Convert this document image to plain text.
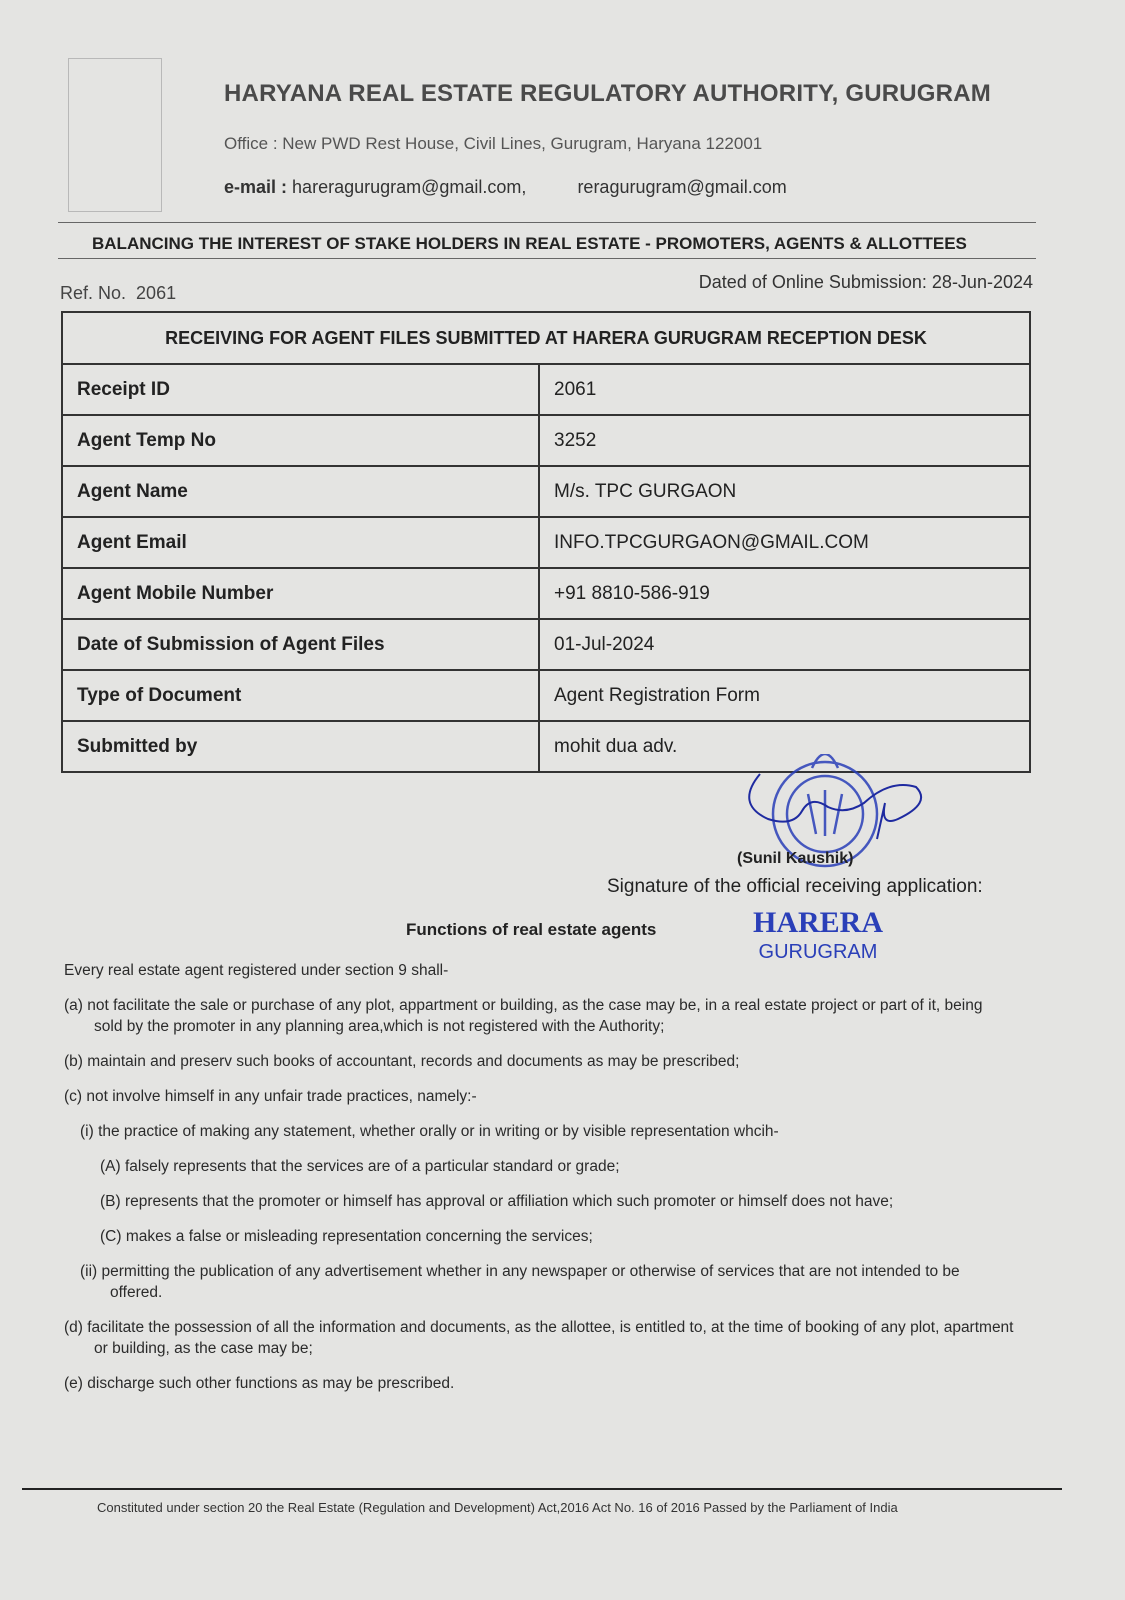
HARYANA REAL ESTATE REGULATORY AUTHORITY, GURUGRAM
Office : New PWD Rest House, Civil Lines, Gurugram, Haryana 122001
e-mail : hareragurugram@gmail.com,	reragurugram@gmail.com
BALANCING THE INTEREST OF STAKE HOLDERS IN REAL ESTATE - PROMOTERS, AGENTS & ALLOTTEES
Ref. No. 2061
Dated of Online Submission: 28-Jun-2024
RECEIVING FOR AGENT FILES SUBMITTED AT HARERA GURUGRAM RECEPTION DESK	
Receipt ID	2061
Agent Temp No	3252
Agent Name	M/s. TPC GURGAON
Agent Email	INFO.TPCGURGAON@GMAIL.COM
Agent Mobile Number	+91 8810-586-919
Date of Submission of Agent Files	01-Jul-2024
Type of Document	Agent Registration Form
Submitted by	mohit dua adv.
HARERA
GURUGRAM
(Sunil Kaushik)
Signature of the official receiving application:
Functions of real estate agents

Every real estate agent registered under section 9 shall-

(a) not facilitate the sale or purchase of any plot, appartment or building, as the case may be, in a real estate project or part of it, being sold by the promoter in any planning area,which is not registered with the Authority;

(b) maintain and preserv such books of accountant, records and documents as may be prescribed;

(c) not involve himself in any unfair trade practices, namely:-

(i) the practice of making any statement, whether orally or in writing or by visible representation whcih-

(A) falsely represents that the services are of a particular standard or grade;

(B) represents that the promoter or himself has approval or affiliation which such promoter or himself does not have;

(C) makes a false or misleading representation concerning the services;

(ii) permitting the publication of any advertisement whether in any newspaper or otherwise of services that are not intended to be offered.

(d) facilitate the possession of all the information and documents, as the allottee, is entitled to, at the time of booking of any plot, apartment or building, as the case may be;

(e) discharge such other functions as may be prescribed.

Constituted under section 20 the Real Estate (Regulation and Development) Act,2016 Act No. 16 of 2016 Passed by the Parliament of India
